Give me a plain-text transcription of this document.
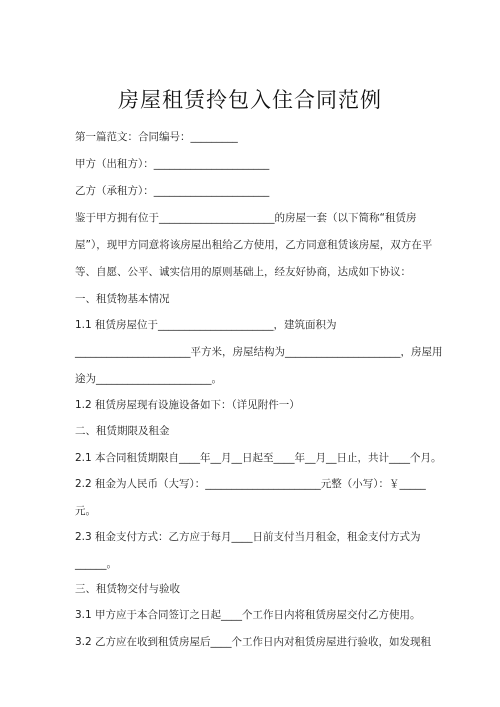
房屋租赁拎包入住合同范例
第一篇范文：合同编号：_________
甲方（出租方）：______________________
乙方（承租方）：______________________
鉴于甲方拥有位于______________________的房屋一套（以下简称“租赁房
屋”），现甲方同意将该房屋出租给乙方使用，乙方同意租赁该房屋，双方在平
等、自愿、公平、诚实信用的原则基础上，经友好协商，达成如下协议：
一、租赁物基本情况
1.1 租赁房屋位于______________________，建筑面积为
______________________平方米，房屋结构为______________________，房屋用
途为______________________。
1.2 租赁房屋现有设施设备如下：（详见附件一）
二、租赁期限及租金
2.1 本合同租赁期限自____年__月__日起至____年__月__日止，共计____个月。
2.2 租金为人民币（大写）：______________________元整（小写）：￥_____
元。
2.3 租金支付方式：乙方应于每月____日前支付当月租金，租金支付方式为
______。
三、租赁物交付与验收
3.1 甲方应于本合同签订之日起____个工作日内将租赁房屋交付乙方使用。
3.2 乙方应在收到租赁房屋后____个工作日内对租赁房屋进行验收，如发现租
